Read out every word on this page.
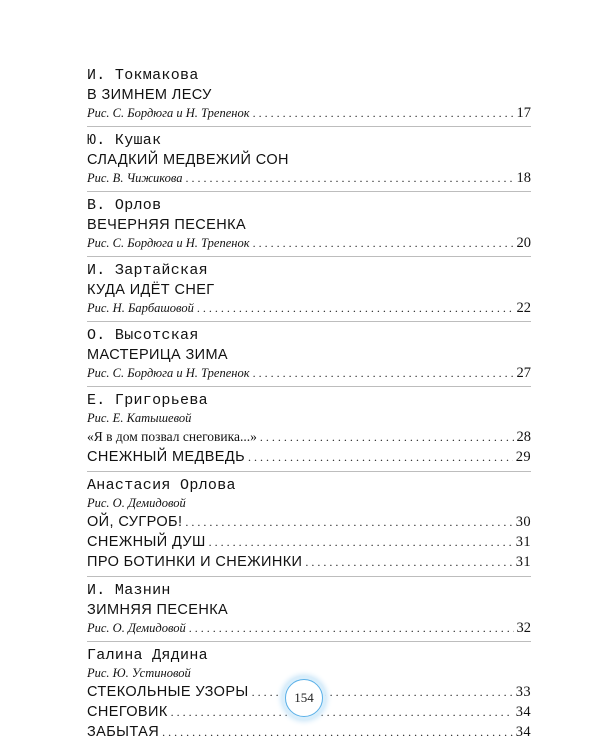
И. Токмакова
В ЗИМНЕМ ЛЕСУ
Рис. С. Бордюга и Н. Трепенок . . .	17
Ю. Кушак
СЛАДКИЙ МЕДВЕЖИЙ СОН
Рис. В. Чижикова . . .	18
В. Орлов
ВЕЧЕРНЯЯ ПЕСЕНКА
Рис. С. Бордюга и Н. Трепенок . . .	20
И. Зартайская
КУДА ИДЁТ СНЕГ
Рис. Н. Барбашовой . . .	22
О. Высотская
МАСТЕРИЦА ЗИМА
Рис. С. Бордюга и Н. Трепенок . . .	27
Е. Григорьева
Рис. Е. Катышевой
«Я в дом позвал снеговика...» . . .	28
СНЕЖНЫЙ МЕДВЕДЬ . . .	29
Анастасия Орлова
Рис. О. Демидовой
ОЙ, СУГРОБ! . . .	30
СНЕЖНЫЙ ДУШ . . .	31
ПРО БОТИНКИ И СНЕЖИНКИ . . .	31
И. Мазнин
ЗИМНЯЯ ПЕСЕНКА
Рис. О. Демидовой . . .	32
Галина Дядина
Рис. Ю. Устиновой
СТЕКОЛЬНЫЕ УЗОРЫ . . .	33
СНЕГОВИК . . .	34
ЗАБЫТАЯ . . .	34
154
